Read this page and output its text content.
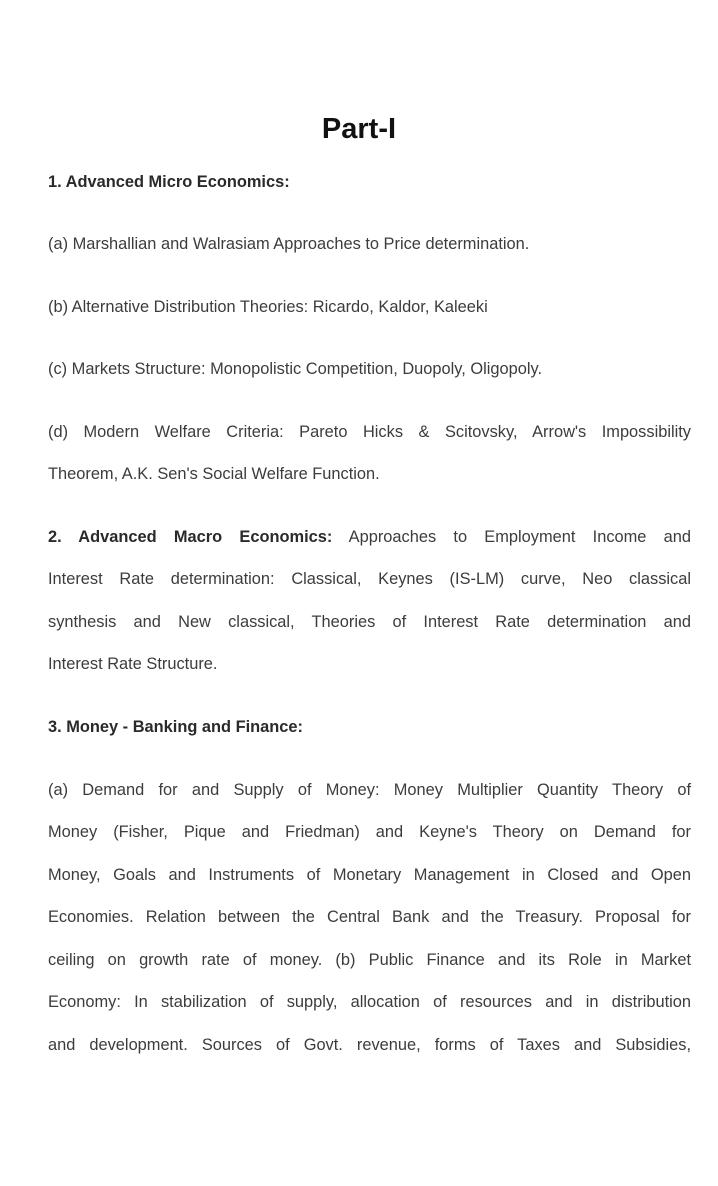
Part-I
1. Advanced Micro Economics:
(a) Marshallian and Walrasiam Approaches to Price determination.
(b) Alternative Distribution Theories: Ricardo, Kaldor, Kaleeki
(c) Markets Structure: Monopolistic Competition, Duopoly, Oligopoly.
(d) Modern Welfare Criteria: Pareto Hicks & Scitovsky, Arrow's Impossibility
Theorem, A.K. Sen's Social Welfare Function.
2. Advanced Macro Economics: Approaches to Employment Income and
Interest Rate determination: Classical, Keynes (IS-LM) curve, Neo classical
synthesis and New classical, Theories of Interest Rate determination and
Interest Rate Structure.
3. Money - Banking and Finance:
(a) Demand for and Supply of Money: Money Multiplier Quantity Theory of
Money (Fisher, Pique and Friedman) and Keyne's Theory on Demand for
Money, Goals and Instruments of Monetary Management in Closed and Open
Economies. Relation between the Central Bank and the Treasury. Proposal for
ceiling on growth rate of money. (b) Public Finance and its Role in Market
Economy: In stabilization of supply, allocation of resources and in distribution
and development. Sources of Govt. revenue, forms of Taxes and Subsidies,
